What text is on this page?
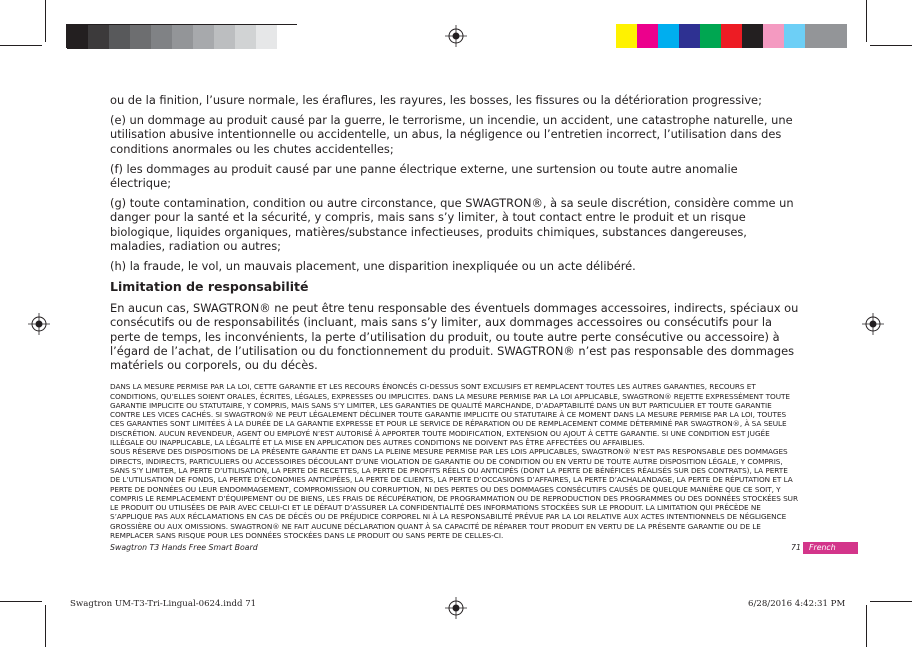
ou de la finition, l’usure normale, les éraflures, les rayures, les bosses, les fissures ou la détérioration progressive;

(e) un dommage au produit causé par la guerre, le terrorisme, un incendie, un accident, une catastrophe naturelle, une utilisation abusive intentionnelle ou accidentelle, un abus, la négligence ou l’entretien incorrect, l’utilisation dans des conditions anormales ou les chutes accidentelles;

(f) les dommages au produit causé par une panne électrique externe, une surtension ou toute autre anomalie électrique;

(g) toute contamination, condition ou autre circonstance, que SWAGTRON®, à sa seule discrétion, considère comme un danger pour la santé et la sécurité, y compris, mais sans s’y limiter, à tout contact entre le produit et un risque biologique, liquides organiques, matières/substance infectieuses, produits chimiques, substances dangereuses, maladies, radiation ou autres;

(h) la fraude, le vol, un mauvais placement, une disparition inexpliquée ou un acte délibéré.

Limitation de responsabilité

En aucun cas, SWAGTRON® ne peut être tenu responsable des éventuels dommages accessoires, indirects, spéciaux ou consécutifs ou de responsabilités (incluant, mais sans s’y limiter, aux dommages accessoires ou consécutifs pour la perte de temps, les inconvénients, la perte d’utilisation du produit, ou toute autre perte consécutive ou accessoire) à l’égard de l’achat, de l’utilisation ou du fonctionnement du produit. SWAGTRON® n’est pas responsable des dommages matériels ou corporels, ou du décès.

DANS LA MESURE PERMISE PAR LA LOI, CETTE GARANTIE ET LES RECOURS ÉNONCÉS CI-DESSUS SONT EXCLUSIFS ET REMPLACENT TOUTES LES AUTRES GARANTIES, RECOURS ET CONDITIONS, QU’ELLES SOIENT ORALES, ÉCRITES, LÉGALES, EXPRESSES OU IMPLICITES. DANS LA MESURE PERMISE PAR LA LOI APPLICABLE, SWAGTRON® REJETTE EXPRESSÉMENT TOUTE GARANTIE IMPLICITE OU STATUTAIRE, Y COMPRIS, MAIS SANS S’Y LIMITER, LES GARANTIES DE QUALITÉ MARCHANDE, D’ADAPTABILITÉ DANS UN BUT PARTICULIER ET TOUTE GARANTIE CONTRE LES VICES CACHÉS. SI SWAGTRON® NE PEUT LÉGALEMENT DÉCLINER TOUTE GARANTIE IMPLICITE OU STATUTAIRE À CE MOMENT DANS LA MESURE PERMISE PAR LA LOI, TOUTES CES GARANTIES SONT LIMITÉES À LA DURÉE DE LA GARANTIE EXPRESSE ET POUR LE SERVICE DE RÉPARATION OU DE REMPLACEMENT COMME DÉTERMINÉ PAR SWAGTRON®, À SA SEULE DISCRÉTION. AUCUN REVENDEUR, AGENT OU EMPLOYÉ N’EST AUTORISÉ À APPORTER TOUTE MODIFICATION, EXTENSION OU AJOUT À CETTE GARANTIE. SI UNE CONDITION EST JUGÉE ILLÉGALE OU INAPPLICABLE, LA LÉGALITÉ ET LA MISE EN APPLICATION DES AUTRES CONDITIONS NE DOIVENT PAS ÊTRE AFFECTÉES OU AFFAIBLIES.
SOUS RÉSERVE DES DISPOSITIONS DE LA PRÉSENTE GARANTIE ET DANS LA PLEINE MESURE PERMISE PAR LES LOIS APPLICABLES, SWAGTRON® N’EST PAS RESPONSABLE DES DOMMAGES DIRECTS, INDIRECTS, PARTICULIERS OU ACCESSOIRES DÉCOULANT D’UNE VIOLATION DE GARANTIE OU DE CONDITION OU EN VERTU DE TOUTE AUTRE DISPOSITION LÉGALE, Y COMPRIS, SANS S’Y LIMITER, LA PERTE D’UTILISATION, LA PERTE DE RECETTES, LA PERTE DE PROFITS RÉELS OU ANTICIPÉS (DONT LA PERTE DE BÉNÉFICES RÉALISÉS SUR DES CONTRATS), LA PERTE DE L’UTILISATION DE FONDS, LA PERTE D’ÉCONOMIES ANTICIPÉES, LA PERTE DE CLIENTS, LA PERTE D’OCCASIONS D’AFFAIRES, LA PERTE D’ACHALANDAGE, LA PERTE DE RÉPUTATION ET LA PERTE DE DONNÉES OU LEUR ENDOMMAGEMENT, COMPROMISSION OU CORRUPTION, NI DES PERTES OU DES DOMMAGES CONSÉCUTIFS CAUSÉS DE QUELQUE MANIÈRE QUE CE SOIT, Y COMPRIS LE REMPLACEMENT D’ÉQUIPEMENT OU DE BIENS, LES FRAIS DE RÉCUPÉRATION, DE PROGRAMMATION OU DE REPRODUCTION DES PROGRAMMES OU DES DONNÉES STOCKÉES SUR LE PRODUIT OU UTILISÉES DE PAIR AVEC CELUI-CI ET LE DÉFAUT D’ASSURER LA CONFIDENTIALITÉ DES INFORMATIONS STOCKÉES SUR LE PRODUIT. LA LIMITATION QUI PRÉCÈDE NE S’APPLIQUE PAS AUX RÉCLAMATIONS EN CAS DE DÉCÈS OU DE PRÉJUDICE CORPOREL NI À LA RESPONSABILITÉ PRÉVUE PAR LA LOI RELATIVE AUX ACTES INTENTIONNELS DE NÉGLIGENCE GROSSIÈRE OU AUX OMISSIONS. SWAGTRON® NE FAIT AUCUNE DÉCLARATION QUANT À SA CAPACITÉ DE RÉPARER TOUT PRODUIT EN VERTU DE LA PRÉSENTE GARANTIE OU DE LE REMPLACER SANS RISQUE POUR LES DONNÉES STOCKÉES DANS LE PRODUIT OU SANS PERTE DE CELLES-CI.
Swagtron T3 Hands Free Smart Board	71	French
Swagtron UM-T3-Tri-Lingual-0624.indd 71	6/28/2016 4:42:31 PM
